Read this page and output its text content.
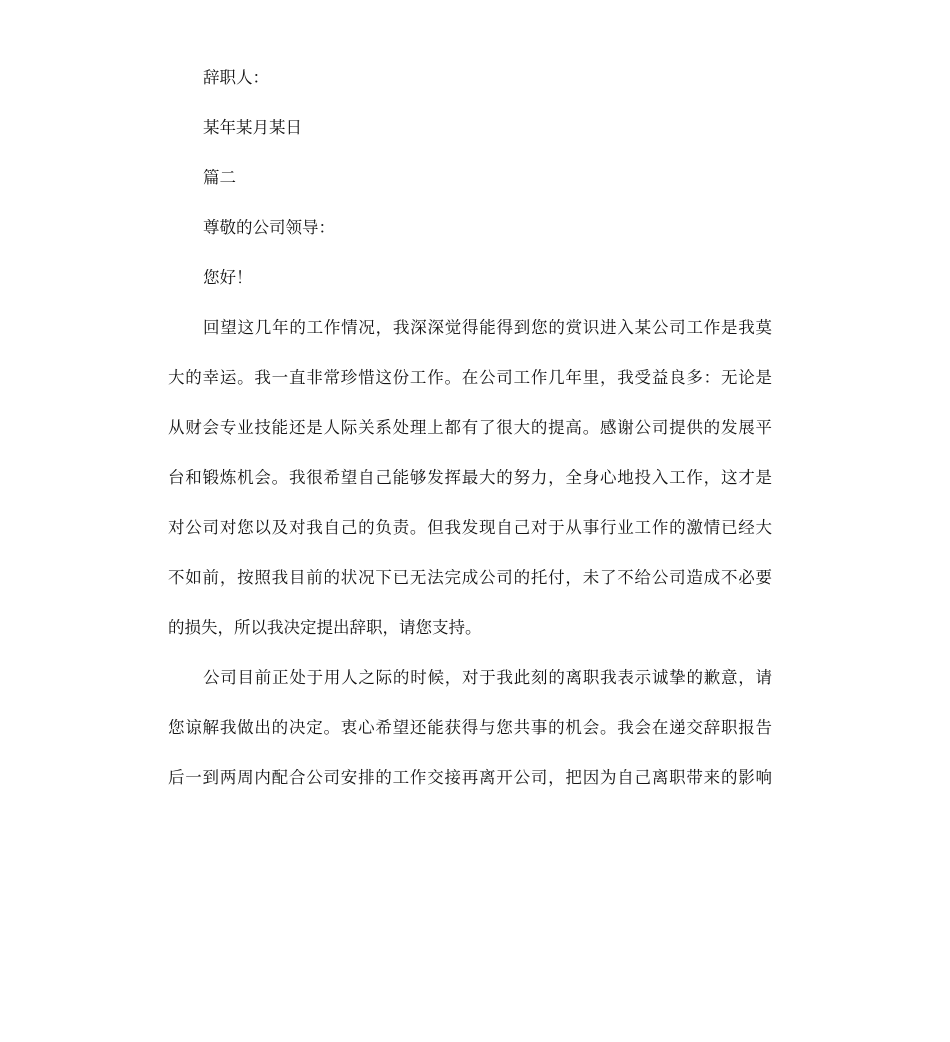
辞职人：
某年某月某日
篇二
尊敬的公司领导：
您好！
回望这几年的工作情况，我深深觉得能得到您的赏识进入某公司工作是我莫
大的幸运。我一直非常珍惜这份工作。在公司工作几年里，我受益良多：无论是
从财会专业技能还是人际关系处理上都有了很大的提高。感谢公司提供的发展平
台和锻炼机会。我很希望自己能够发挥最大的努力，全身心地投入工作，这才是
对公司对您以及对我自己的负责。但我发现自己对于从事行业工作的激情已经大
不如前，按照我目前的状况下已无法完成公司的托付，未了不给公司造成不必要
的损失，所以我决定提出辞职，请您支持。
公司目前正处于用人之际的时候，对于我此刻的离职我表示诚挚的歉意，请
您谅解我做出的决定。衷心希望还能获得与您共事的机会。我会在递交辞职报告
后一到两周内配合公司安排的工作交接再离开公司，把因为自己离职带来的影响
